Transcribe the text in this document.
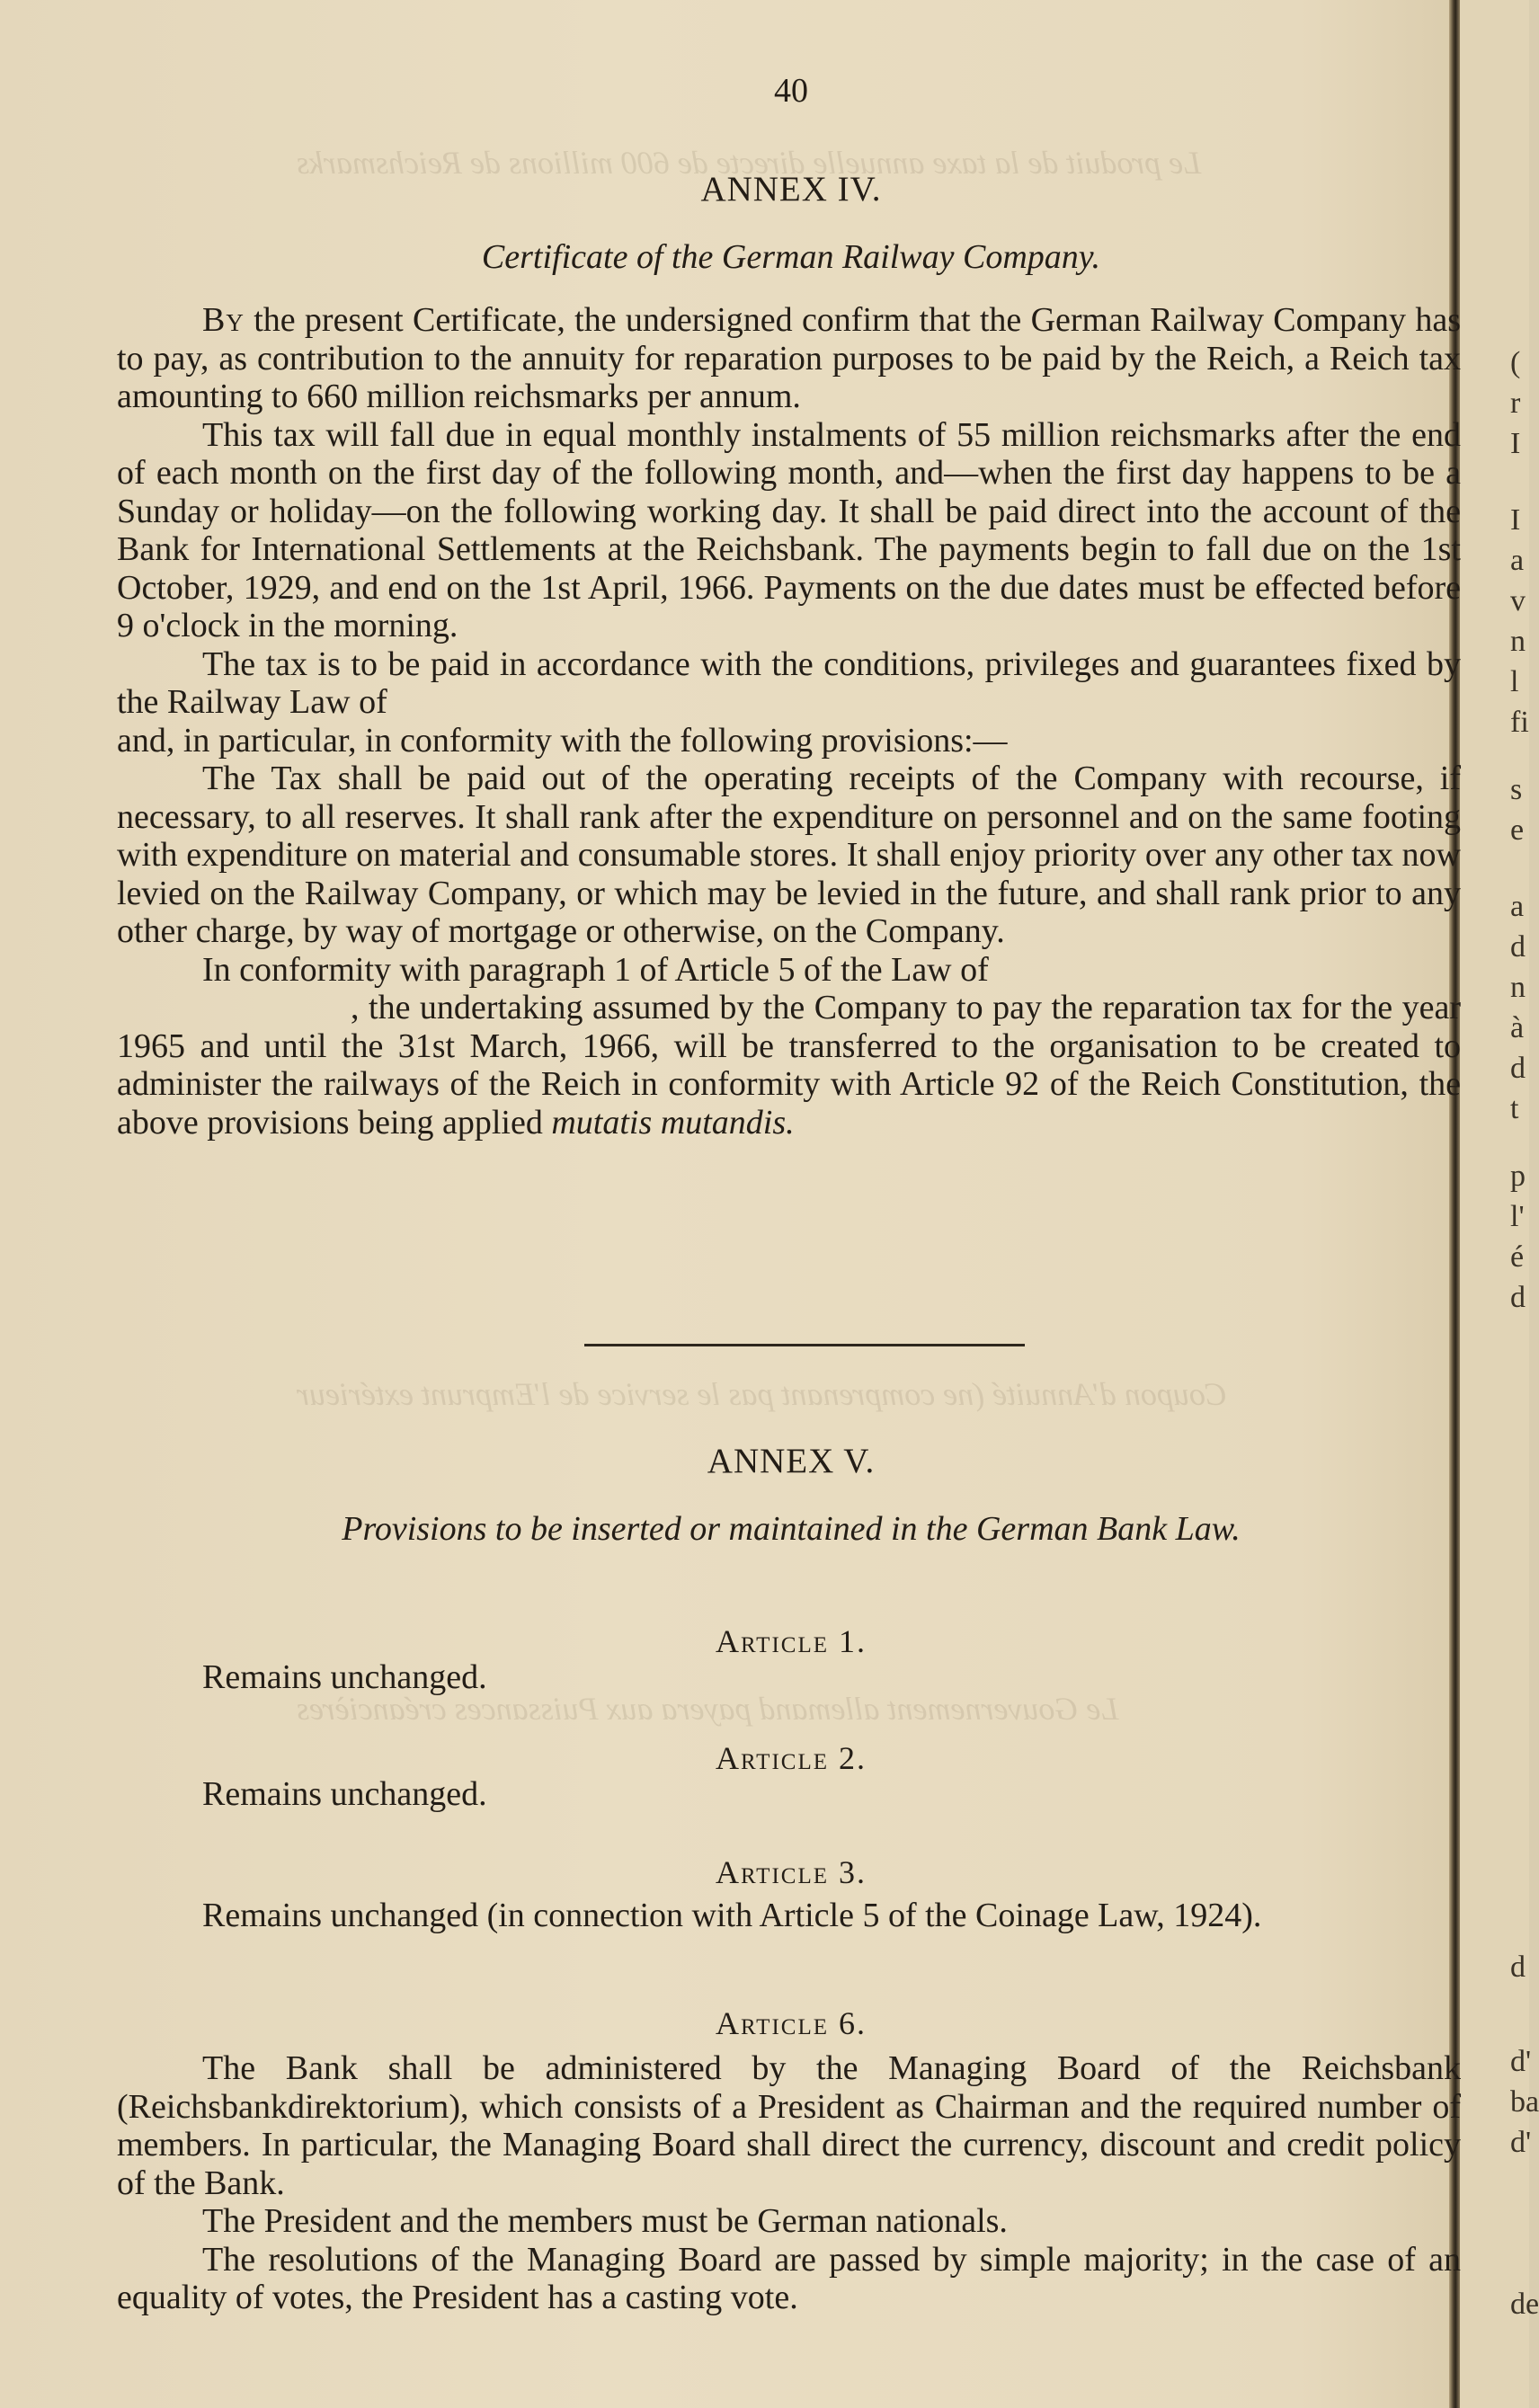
Le produit de la taxe annuelle directe de 600 millions de Reichsmarks
Coupon d'Annuité (ne comprenant pas le service de l'Emprunt extérieur
Le Gouvernement allemand payera aux Puissances créancières
40
ANNEX IV.
Certificate of the German Railway Company.

By the present Certificate, the undersigned confirm that the German Railway Company has to pay, as contribution to the annuity for reparation purposes to be paid by the Reich, a Reich tax amounting to 660 million reichsmarks per annum.

This tax will fall due in equal monthly instalments of 55 million reichsmarks after the end of each month on the first day of the following month, and—when the first day happens to be a Sunday or holiday—on the following working day. It shall be paid direct into the account of the Bank for International Settlements at the Reichsbank. The payments begin to fall due on the 1st October, 1929, and end on the 1st April, 1966. Payments on the due dates must be effected before 9 o'clock in the morning.

The tax is to be paid in accordance with the conditions, privileges and guarantees fixed by the Railway Law of

and, in particular, in conformity with the following provisions:—

The Tax shall be paid out of the operating receipts of the Company with recourse, if necessary, to all reserves. It shall rank after the expenditure on personnel and on the same footing with expenditure on material and consumable stores. It shall enjoy priority over any other tax now levied on the Railway Company, or which may be levied in the future, and shall rank prior to any other charge, by way of mortgage or otherwise, on the Company.

In conformity with paragraph 1 of Article 5 of the Law of

, the undertaking assumed by the Company to pay the reparation tax for the year 1965 and until the 31st March, 1966, will be transferred to the organisation to be created to administer the railways of the Reich in conformity with Article 92 of the Reich Constitution, the above provisions being applied mutatis mutandis.

ANNEX V.
Provisions to be inserted or maintained in the German Bank Law.
Article 1.
Remains unchanged.
Article 2.
Remains unchanged.
Article 3.

Remains unchanged (in connection with Article 5 of the Coinage Law, 1924).

Article 6.

The Bank shall be administered by the Managing Board of the Reichsbank (Reichsbankdirektorium), which consists of a President as Chairman and the required number of members. In particular, the Managing Board shall direct the currency, discount and credit policy of the Bank.

The President and the members must be German nationals.

The resolutions of the Managing Board are passed by simple majority; in the case of an equality of votes, the President has a casting vote.

(
r
I
I
a
v
n
l
fi
s
e
a
d
n
à
d
t
p
l'
é
d
d
d'
ba
d'
de
